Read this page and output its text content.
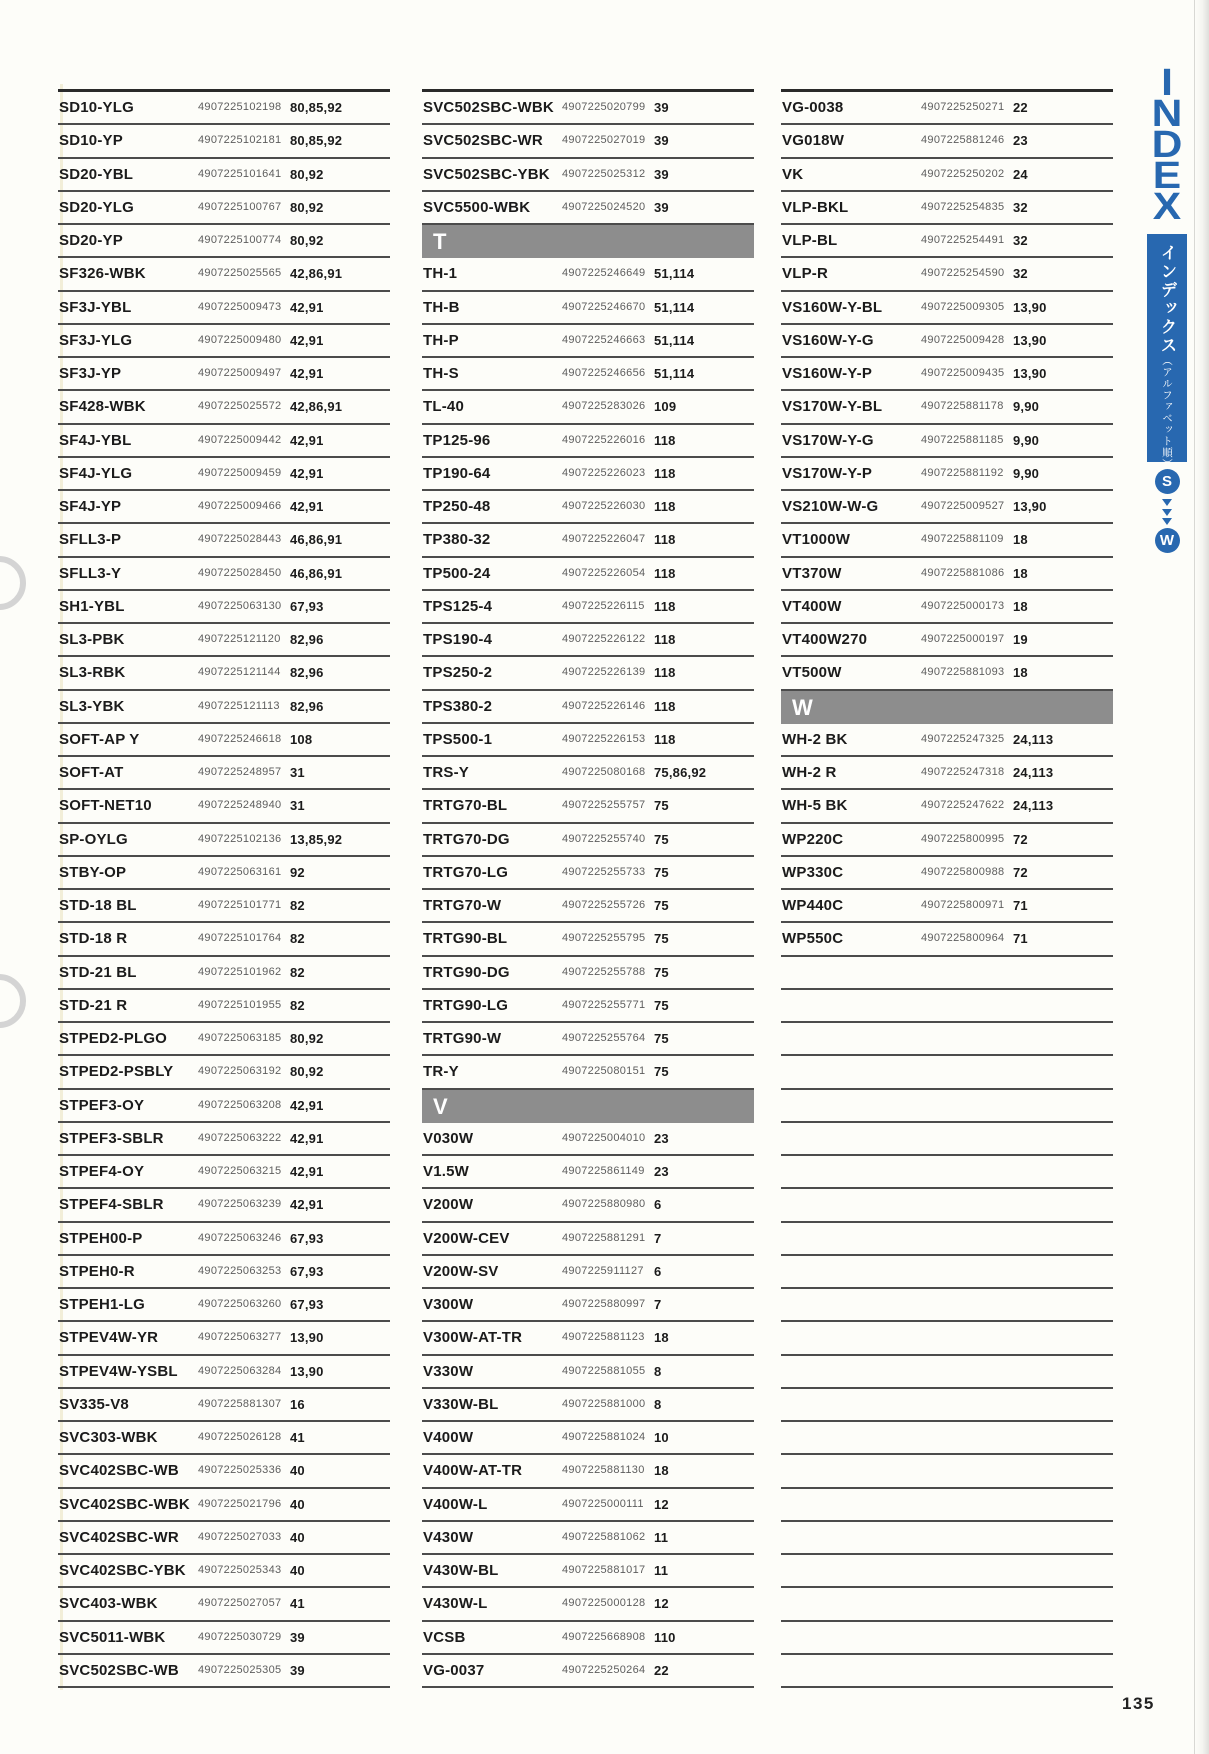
SD10-YLG	4907225102198 80,85,92
SD10-YP	4907225102181 80,85,92
SD20-YBL	4907225101641 80,92
SD20-YLG	4907225100767 80,92
SD20-YP	4907225100774 80,92
SF326-WBK	4907225025565 42,86,91
SF3J-YBL	4907225009473 42,91
SF3J-YLG	4907225009480 42,91
SF3J-YP	4907225009497 42,91
SF428-WBK	4907225025572 42,86,91
SF4J-YBL	4907225009442 42,91
SF4J-YLG	4907225009459 42,91
SF4J-YP	4907225009466 42,91
SFLL3-P	4907225028443 46,86,91
SFLL3-Y	4907225028450 46,86,91
SH1-YBL	4907225063130 67,93
SL3-PBK	4907225121120 82,96
SL3-RBK	4907225121144 82,96
SL3-YBK	4907225121113 82,96
SOFT-AP Y	4907225246618 108
SOFT-AT	4907225248957 31
SOFT-NET10	4907225248940 31
SP-OYLG	4907225102136 13,85,92
STBY-OP	4907225063161 92
STD-18 BL	4907225101771 82
STD-18 R	4907225101764 82
STD-21 BL	4907225101962 82
STD-21 R	4907225101955 82
STPED2-PLGO	4907225063185 80,92
STPED2-PSBLY 4907225063192 80,92
STPEF3-OY	4907225063208 42,91
STPEF3-SBLR	4907225063222 42,91
STPEF4-OY	4907225063215 42,91
STPEF4-SBLR	4907225063239 42,91
STPEH00-P	4907225063246 67,93
STPEH0-R	4907225063253 67,93
STPEH1-LG	4907225063260 67,93
STPEV4W-YR	4907225063277 13,90
STPEV4W-YSBL 4907225063284 13,90
SV335-V8	4907225881307 16
SVC303-WBK	4907225026128 41
SVC402SBC-WB 4907225025336 40
SVC402SBC-WBK 4907225021796 40
SVC402SBC-WR 4907225027033 40
SVC402SBC-YBK 4907225025343 40
SVC403-WBK	4907225027057 41
SVC5011-WBK	4907225030729 39
SVC502SBC-WB 4907225025305 39
SVC502SBC-WBK 4907225020799 39
SVC502SBC-WR 4907225027019 39
SVC502SBC-YBK 4907225025312 39
SVC5500-WBK	4907225024520 39
T
TH-1	4907225246649 51,114
TH-B	4907225246670 51,114
TH-P	4907225246663 51,114
TH-S	4907225246656 51,114
TL-40	4907225283026 109
TP125-96	4907225226016 118
TP190-64	4907225226023 118
TP250-48	4907225226030 118
TP380-32	4907225226047 118
TP500-24	4907225226054 118
TPS125-4	4907225226115 118
TPS190-4	4907225226122 118
TPS250-2	4907225226139 118
TPS380-2	4907225226146 118
TPS500-1	4907225226153 118
TRS-Y	4907225080168 75,86,92
TRTG70-BL	4907225255757 75
TRTG70-DG	4907225255740 75
TRTG70-LG	4907225255733 75
TRTG70-W	4907225255726 75
TRTG90-BL	4907225255795 75
TRTG90-DG	4907225255788 75
TRTG90-LG	4907225255771 75
TRTG90-W	4907225255764 75
TR-Y	4907225080151 75
V
V030W	4907225004010 23
V1.5W	4907225861149 23
V200W	4907225880980 6
V200W-CEV	4907225881291 7
V200W-SV	4907225911127 6
V300W	4907225880997 7
V300W-AT-TR	4907225881123 18
V330W	4907225881055 8
V330W-BL	4907225881000 8
V400W	4907225881024 10
V400W-AT-TR	4907225881130 18
V400W-L	4907225000111 12
V430W	4907225881062 11
V430W-BL	4907225881017 11
V430W-L	4907225000128 12
VCSB	4907225668908 110
VG-0037	4907225250264 22
VG-0038	4907225250271 22
VG018W	4907225881246 23
VK	4907225250202 24
VLP-BKL	4907225254835 32
VLP-BL	4907225254491 32
VLP-R	4907225254590 32
VS160W-Y-BL	4907225009305 13,90
VS160W-Y-G	4907225009428 13,90
VS160W-Y-P	4907225009435 13,90
VS170W-Y-BL	4907225881178 9,90
VS170W-Y-G	4907225881185 9,90
VS170W-Y-P	4907225881192 9,90
VS210W-W-G	4907225009527 13,90
VT1000W	4907225881109 18
VT370W	4907225881086 18
VT400W	4907225000173 18
VT400W270	4907225000197 19
VT500W	4907225881093 18
W
WH-2 BK	4907225247325 24,113
WH-2 R	4907225247318 24,113
WH-5 BK	4907225247622 24,113
WP220C	4907225800995 72
WP330C	4907225800988 72
WP440C	4907225800971 71
WP550C	4907225800964 71
I
N
D
E
X
インデックス（アルファベット順）
S
W
135
